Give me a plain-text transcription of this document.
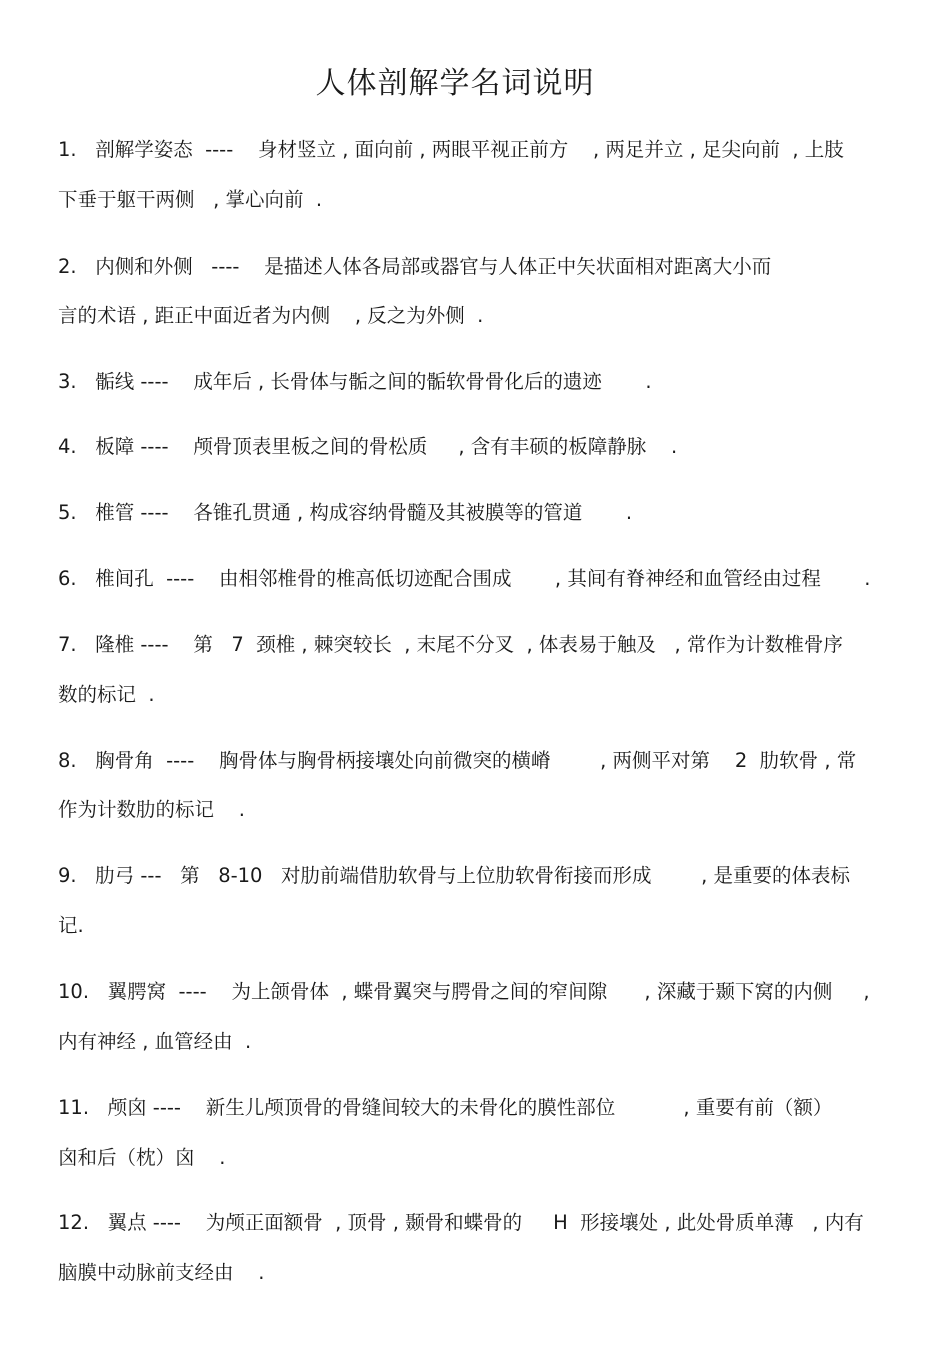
人体剖解学名词说明
1.   剖解学姿态  ----    身材竖立 , 面向前 , 两眼平视正前方    , 两足并立 , 足尖向前  , 上肢
下垂于躯干两侧   , 掌心向前  .
2.   内侧和外侧   ----    是描述人体各局部或器官与人体正中矢状面相对距离大小而
言的术语 , 距正中面近者为内侧    , 反之为外侧  .
3.   骺线 ----    成年后 , 长骨体与骺之间的骺软骨骨化后的遗迹       .
4.   板障 ----    颅骨顶表里板之间的骨松质     , 含有丰硕的板障静脉    .
5.   椎管 ----    各锥孔贯通 , 构成容纳骨髓及其被膜等的管道       .
6.   椎间孔  ----    由相邻椎骨的椎高低切迹配合围成       , 其间有脊神经和血管经由过程       .
7.   隆椎 ----    第   7  颈椎 , 棘突较长  , 末尾不分叉  , 体表易于触及   , 常作为计数椎骨序
数的标记  .
8.   胸骨角  ----    胸骨体与胸骨柄接壤处向前微突的横嵴        , 两侧平对第    2  肋软骨 , 常
作为计数肋的标记    .
9.   肋弓 ---   第   8-10   对肋前端借肋软骨与上位肋软骨衔接而形成        , 是重要的体表标
记.
10.   翼腭窝  ----    为上颌骨体  , 蝶骨翼突与腭骨之间的窄间隙      , 深藏于颞下窝的内侧     ,
内有神经 , 血管经由  .
11.   颅囟 ----    新生儿颅顶骨的骨缝间较大的未骨化的膜性部位           , 重要有前（额）
囟和后（枕）囟    .
12.   翼点 ----    为颅正面额骨  , 顶骨 , 颞骨和蝶骨的     H  形接壤处 , 此处骨质单薄   , 内有
脑膜中动脉前支经由    .
